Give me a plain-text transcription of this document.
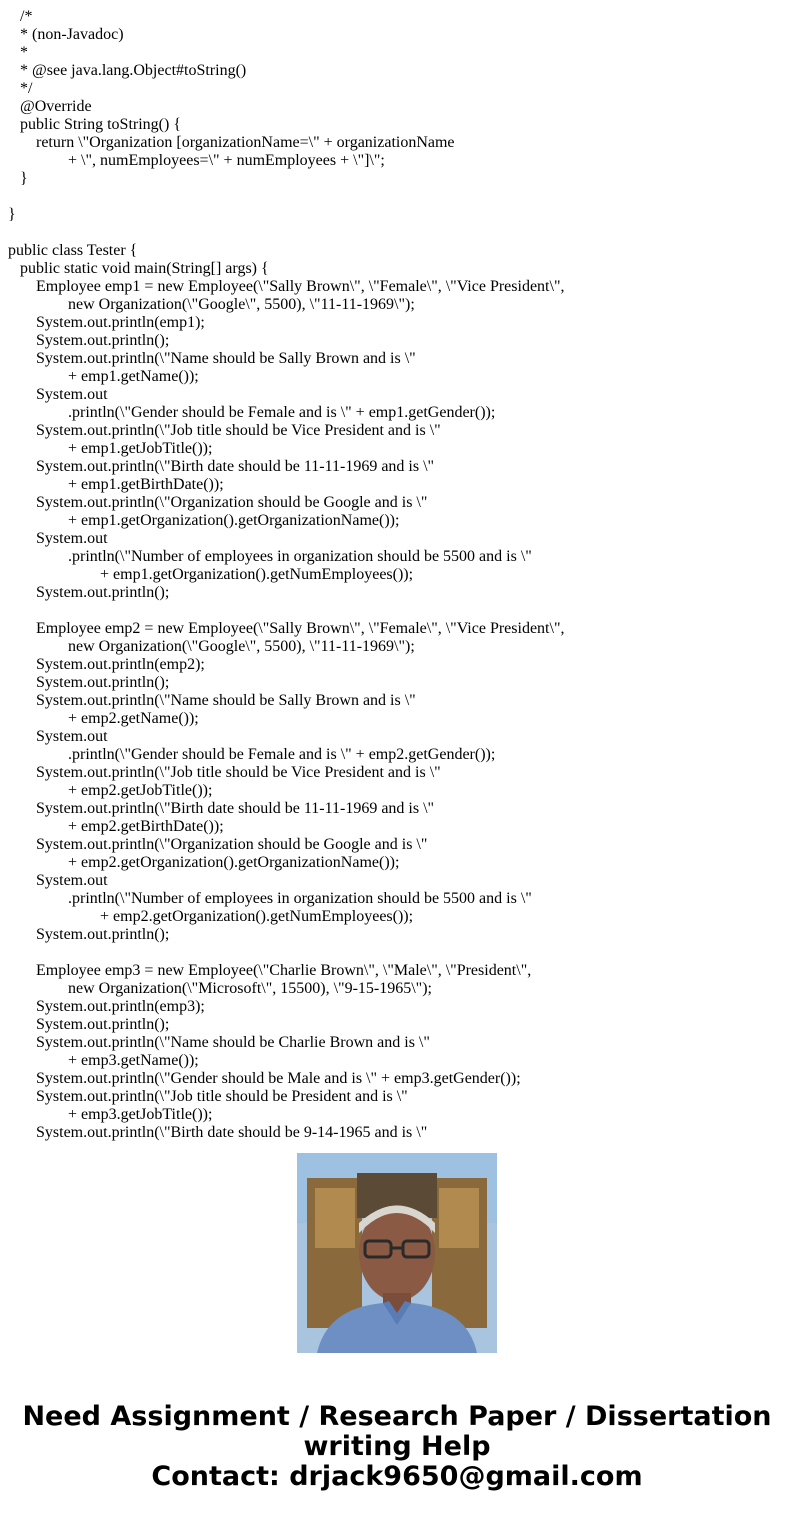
/*
* (non-Javadoc)
*
* @see java.lang.Object#toString()
*/
@Override
public String toString() {
return \"Organization [organizationName=\" + organizationName
+ \", numEmployees=\" + numEmployees + \"]\";
}
}
public class Tester {
public static void main(String[] args) {
Employee emp1 = new Employee(\"Sally Brown\", \"Female\", \"Vice President\",
new Organization(\"Google\", 5500), \"11-11-1969\");
System.out.println(emp1);
System.out.println();
System.out.println(\"Name should be Sally Brown and is \"
+ emp1.getName());
System.out
.println(\"Gender should be Female and is \" + emp1.getGender());
System.out.println(\"Job title should be Vice President and is \"
+ emp1.getJobTitle());
System.out.println(\"Birth date should be 11-11-1969 and is \"
+ emp1.getBirthDate());
System.out.println(\"Organization should be Google and is \"
+ emp1.getOrganization().getOrganizationName());
System.out
.println(\"Number of employees in organization should be 5500 and is \"
+ emp1.getOrganization().getNumEmployees());
System.out.println();
Employee emp2 = new Employee(\"Sally Brown\", \"Female\", \"Vice President\",
new Organization(\"Google\", 5500), \"11-11-1969\");
System.out.println(emp2);
System.out.println();
System.out.println(\"Name should be Sally Brown and is \"
+ emp2.getName());
System.out
.println(\"Gender should be Female and is \" + emp2.getGender());
System.out.println(\"Job title should be Vice President and is \"
+ emp2.getJobTitle());
System.out.println(\"Birth date should be 11-11-1969 and is \"
+ emp2.getBirthDate());
System.out.println(\"Organization should be Google and is \"
+ emp2.getOrganization().getOrganizationName());
System.out
.println(\"Number of employees in organization should be 5500 and is \"
+ emp2.getOrganization().getNumEmployees());
System.out.println();
Employee emp3 = new Employee(\"Charlie Brown\", \"Male\", \"President\",
new Organization(\"Microsoft\", 15500), \"9-15-1965\");
System.out.println(emp3);
System.out.println();
System.out.println(\"Name should be Charlie Brown and is \"
+ emp3.getName());
System.out.println(\"Gender should be Male and is \" + emp3.getGender());
System.out.println(\"Job title should be President and is \"
+ emp3.getJobTitle());
System.out.println(\"Birth date should be 9-14-1965 and is \"
Need Assignment / Research Paper / Dissertation
writing Help
Contact: drjack9650@gmail.com
